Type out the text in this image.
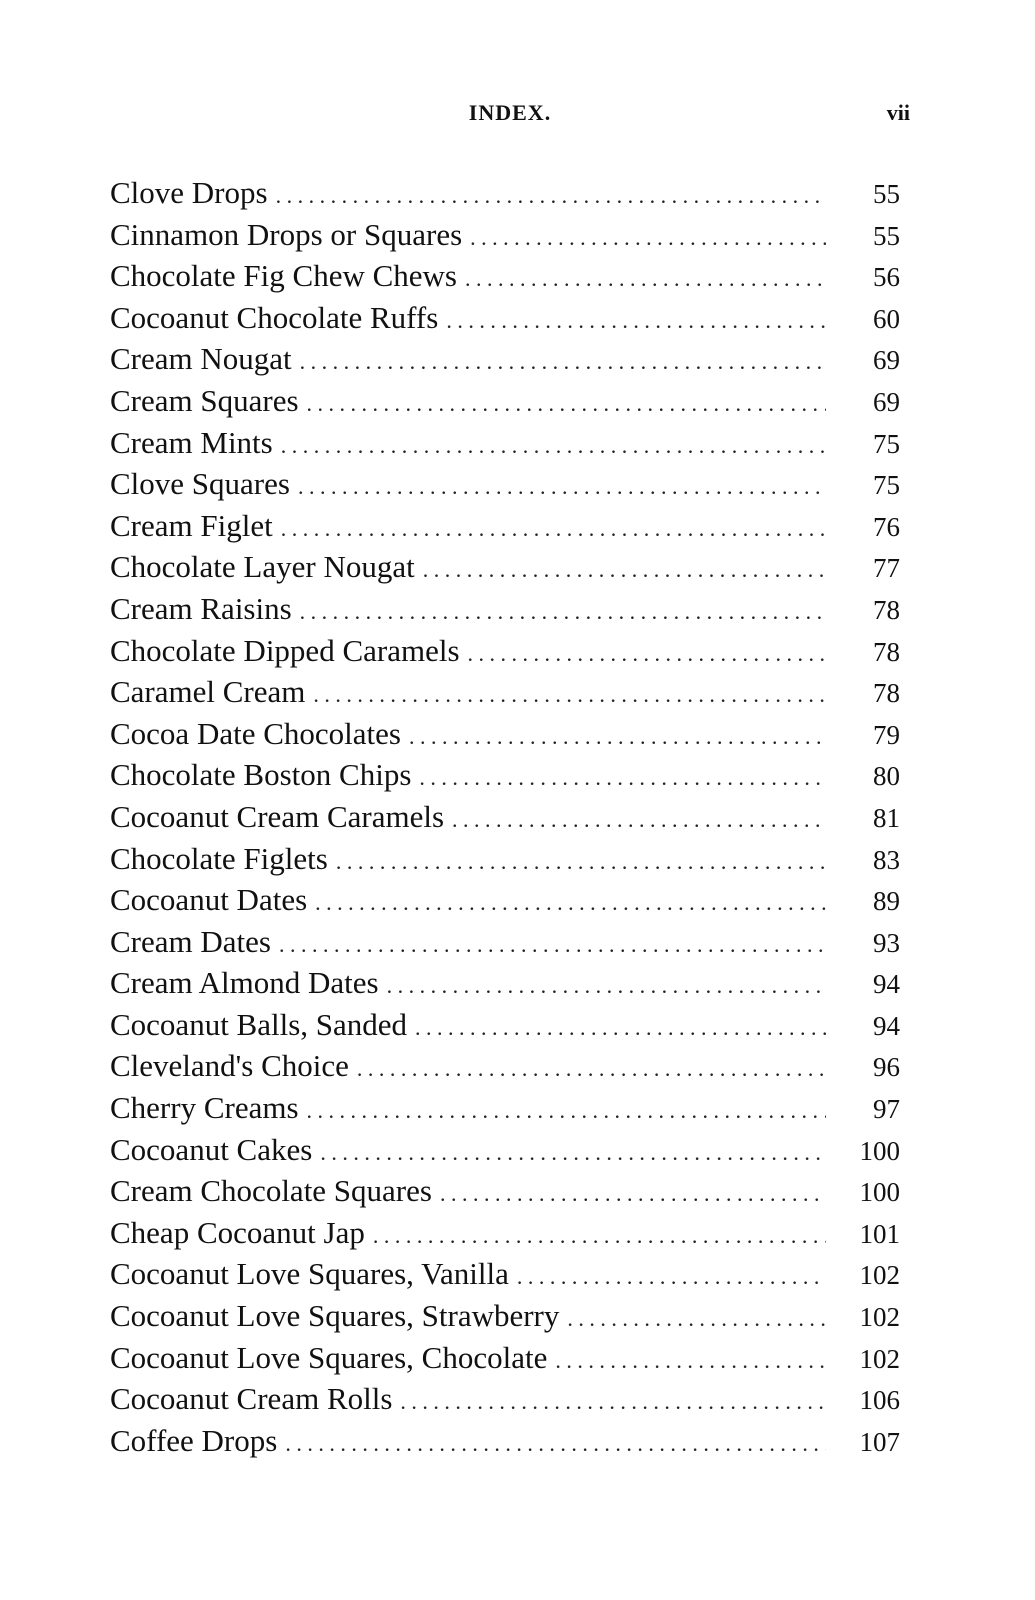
INDEX.	vii
Clove Drops . . .	55
Cinnamon Drops or Squares . . .	55
Chocolate Fig Chew Chews . . .	56
Cocoanut Chocolate Ruffs . . .	60
Cream Nougat . . .	69
Cream Squares . . .	69
Cream Mints . . .	75
Clove Squares . . .	75
Cream Figlet . . .	76
Chocolate Layer Nougat . . .	77
Cream Raisins . . .	78
Chocolate Dipped Caramels . . .	78
Caramel Cream . . .	78
Cocoa Date Chocolates . . .	79
Chocolate Boston Chips . . .	80
Cocoanut Cream Caramels . . .	81
Chocolate Figlets . . .	83
Cocoanut Dates . . .	89
Cream Dates . . .	93
Cream Almond Dates . . .	94
Cocoanut Balls, Sanded . . .	94
Cleveland's Choice . . .	96
Cherry Creams . . .	97
Cocoanut Cakes . . .	100
Cream Chocolate Squares . . .	100
Cheap Cocoanut Jap . . .	101
Cocoanut Love Squares, Vanilla . . .	102
Cocoanut Love Squares, Strawberry . . .	102
Cocoanut Love Squares, Chocolate . . .	102
Cocoanut Cream Rolls . . .	106
Coffee Drops . . .	107
